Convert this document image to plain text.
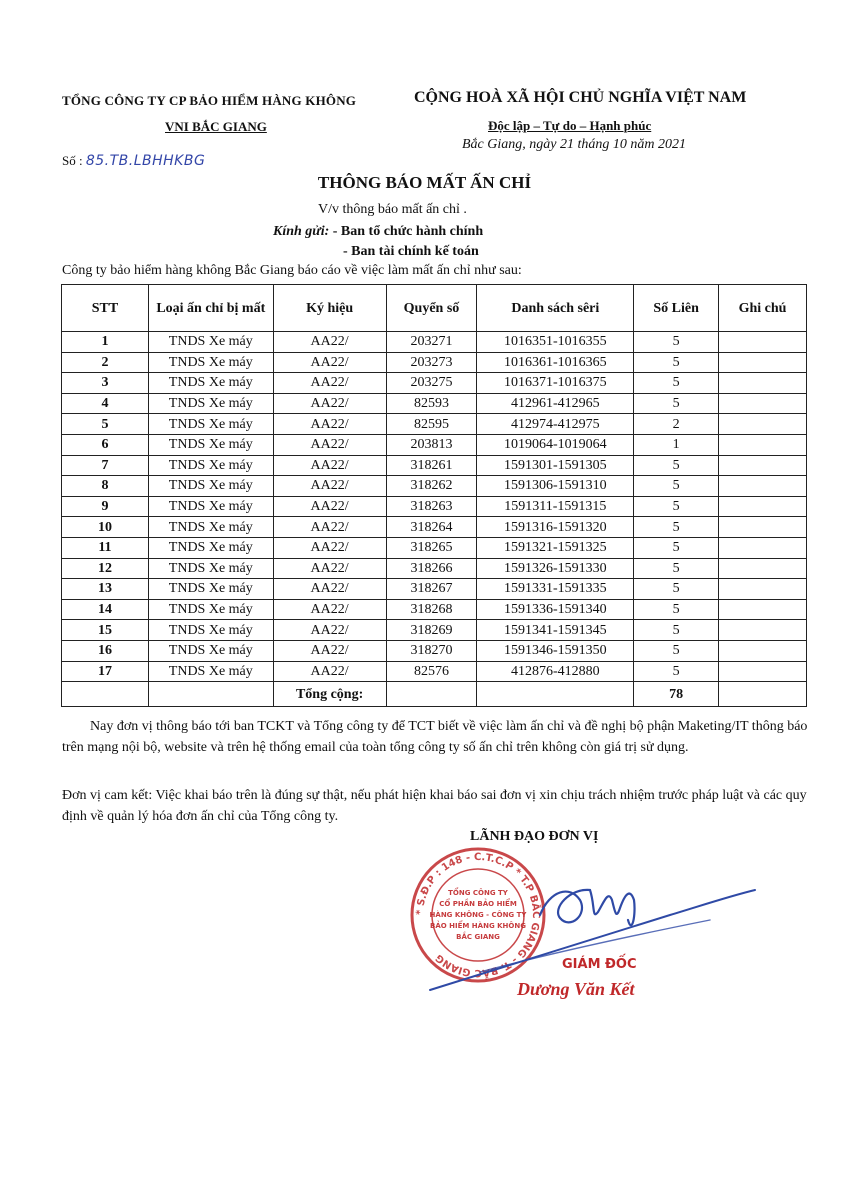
TỔNG CÔNG TY CP BẢO HIỂM HÀNG KHÔNG
VNI BẮC GIANG
Số : 85.TB.LBHHKBG
CỘNG HOÀ XÃ HỘI CHỦ NGHĨA VIỆT NAM
Độc lập – Tự do – Hạnh phúc
Bắc Giang, ngày 21 tháng 10 năm 2021
THÔNG BÁO MẤT ẤN CHỈ
V/v thông báo mất ấn chỉ .
Kính gửi: - Ban tổ chức hành chính
- Ban tài chính kế toán
Công ty bảo hiểm hàng không Bắc Giang báo cáo về việc làm mất ấn chỉ như sau:
STT	Loại ấn chỉ bị mất	Ký hiệu	Quyển số	Danh sách sêri	Số Liên	Ghi chú
1	TNDS Xe máy	AA22/	203271	1016351-1016355	5	
2	TNDS Xe máy	AA22/	203273	1016361-1016365	5	
3	TNDS Xe máy	AA22/	203275	1016371-1016375	5	
4	TNDS Xe máy	AA22/	82593	412961-412965	5	
5	TNDS Xe máy	AA22/	82595	412974-412975	2	
6	TNDS Xe máy	AA22/	203813	1019064-1019064	1	
7	TNDS Xe máy	AA22/	318261	1591301-1591305	5	
8	TNDS Xe máy	AA22/	318262	1591306-1591310	5	
9	TNDS Xe máy	AA22/	318263	1591311-1591315	5	
10	TNDS Xe máy	AA22/	318264	1591316-1591320	5	
11	TNDS Xe máy	AA22/	318265	1591321-1591325	5	
12	TNDS Xe máy	AA22/	318266	1591326-1591330	5	
13	TNDS Xe máy	AA22/	318267	1591331-1591335	5	
14	TNDS Xe máy	AA22/	318268	1591336-1591340	5	
15	TNDS Xe máy	AA22/	318269	1591341-1591345	5	
16	TNDS Xe máy	AA22/	318270	1591346-1591350	5	
17	TNDS Xe máy	AA22/	82576	412876-412880	5	
		Tổng cộng:			78	
Nay đơn vị thông báo tới ban TCKT và Tổng công ty để TCT biết về việc làm ấn chỉ và đề nghị bộ phận Maketing/IT thông báo trên mạng nội bộ, website và trên hệ thống email của toàn tổng công ty số ấn chỉ trên không còn giá trị sử dụng.
Đơn vị cam kết: Việc khai báo trên là đúng sự thật, nếu phát hiện khai báo sai đơn vị xin chịu trách nhiệm trước pháp luật và các quy định về quản lý hóa đơn ấn chỉ của Tổng công ty.
LÃNH ĐẠO ĐƠN VỊ
* S.Đ.P : 148 - C.T.C.P * T.P BẮC GIANG - T. BẮC GIANG
TỔNG CÔNG TY
CỔ PHẦN BẢO HIỂM
HÀNG KHÔNG - CÔNG TY
BẢO HIỂM HÀNG KHÔNG
BẮC GIANG
GIÁM ĐỐC
Dương Văn Kết
